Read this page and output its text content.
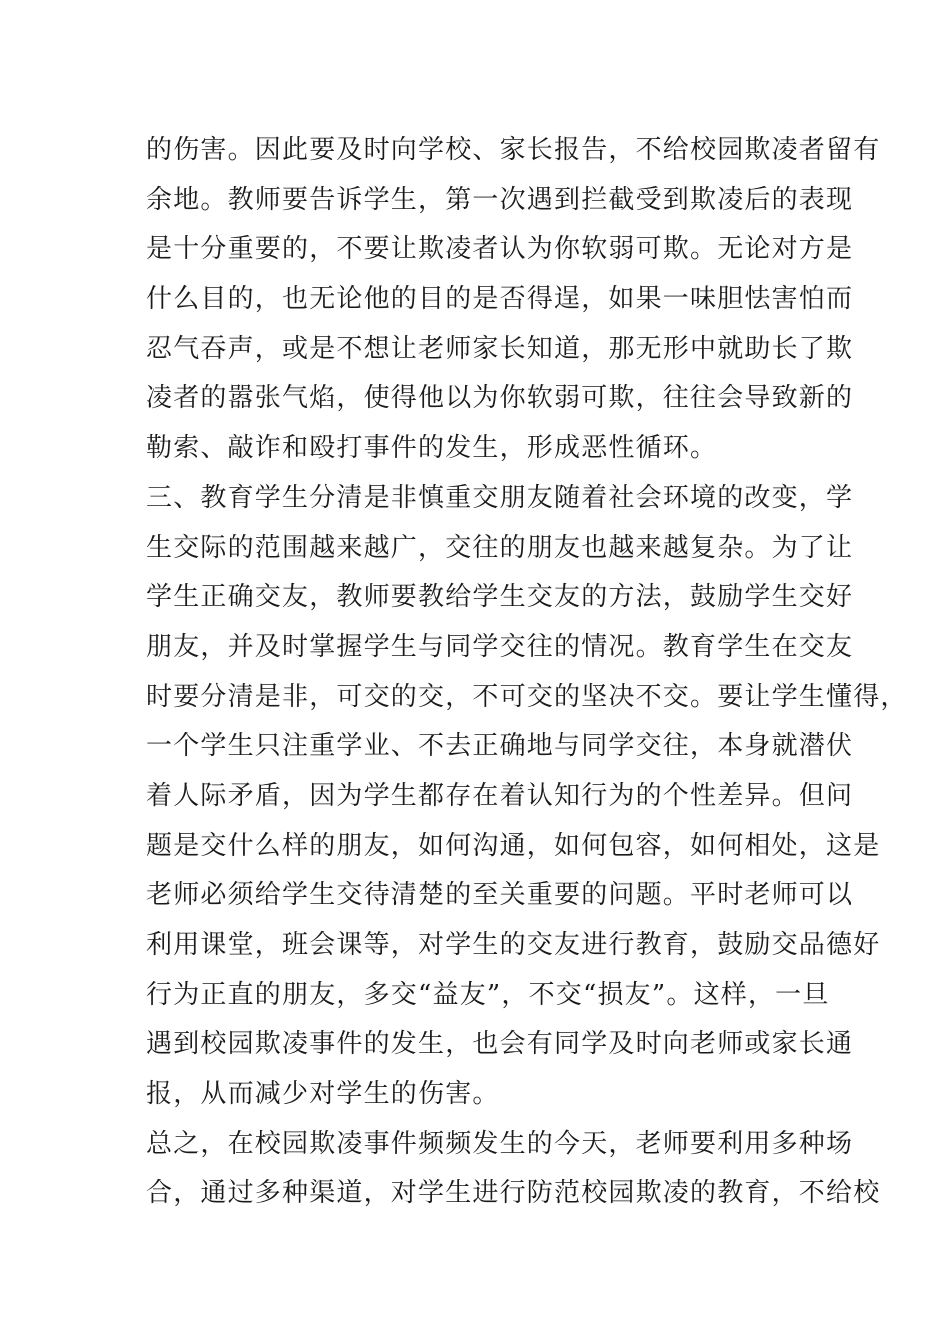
的伤害。因此要及时向学校、家长报告，不给校园欺凌者留有
余地。教师要告诉学生，第一次遇到拦截受到欺凌后的表现
是十分重要的，不要让欺凌者认为你软弱可欺。无论对方是
什么目的，也无论他的目的是否得逞，如果一味胆怯害怕而
忍气吞声，或是不想让老师家长知道，那无形中就助长了欺
凌者的嚣张气焰，使得他以为你软弱可欺，往往会导致新的
勒索、敲诈和殴打事件的发生，形成恶性循环。
三、教育学生分清是非慎重交朋友随着社会环境的改变，学
生交际的范围越来越广，交往的朋友也越来越复杂。为了让
学生正确交友，教师要教给学生交友的方法，鼓励学生交好
朋友，并及时掌握学生与同学交往的情况。教育学生在交友
时要分清是非，可交的交，不可交的坚决不交。要让学生懂得，
一个学生只注重学业、不去正确地与同学交往，本身就潜伏
着人际矛盾，因为学生都存在着认知行为的个性差异。但问
题是交什么样的朋友，如何沟通，如何包容，如何相处，这是
老师必须给学生交待清楚的至关重要的问题。平时老师可以
利用课堂，班会课等，对学生的交友进行教育，鼓励交品德好
行为正直的朋友，多交“益友”，不交“损友”。这样，一旦
遇到校园欺凌事件的发生，也会有同学及时向老师或家长通
报，从而减少对学生的伤害。
总之，在校园欺凌事件频频发生的今天，老师要利用多种场
合，通过多种渠道，对学生进行防范校园欺凌的教育，不给校
